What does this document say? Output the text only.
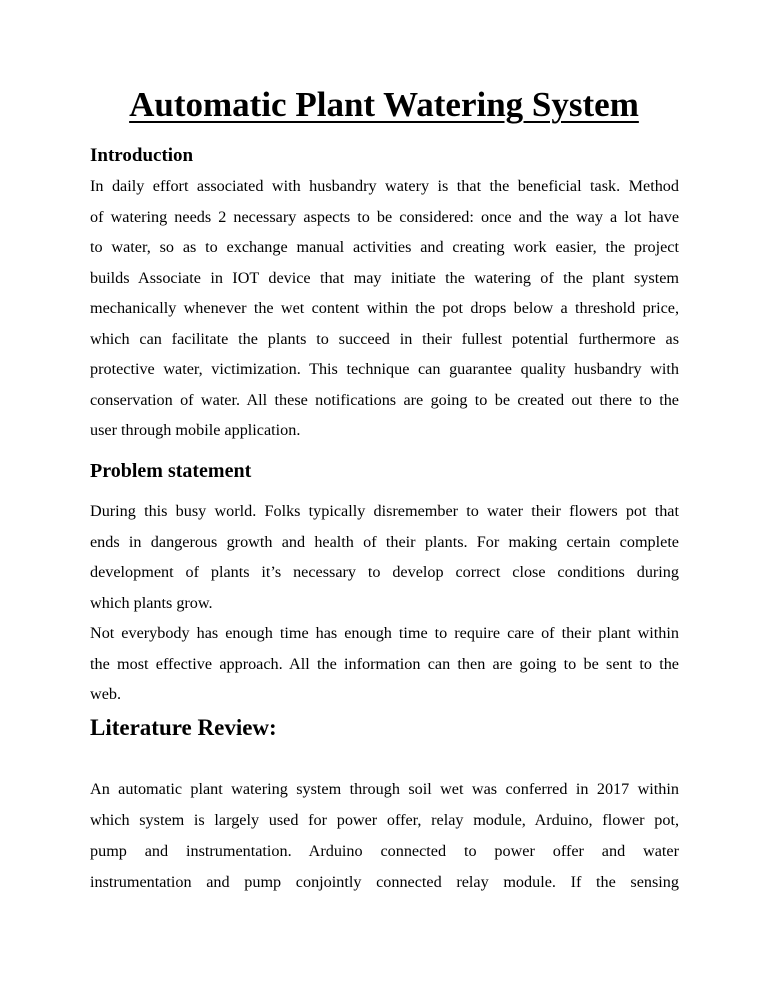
Automatic Plant Watering System
Introduction
In daily effort associated with husbandry watery is that the beneficial task. Method
of watering needs 2 necessary aspects to be considered: once and the way a lot have
to water, so as to exchange manual activities and creating work easier, the project
builds Associate in IOT device that may initiate the watering of the plant system
mechanically whenever the wet content within the pot drops below a threshold price,
which can facilitate the plants to succeed in their fullest potential furthermore as
protective water, victimization. This technique can guarantee quality husbandry with
conservation of water. All these notifications are going to be created out there to the
user through mobile application.
Problem statement
During this busy world. Folks typically disremember to water their flowers pot that
ends in dangerous growth and health of their plants. For making certain complete
development of plants it’s necessary to develop correct close conditions during
which plants grow.
Not everybody has enough time has enough time to require care of their plant within
the most effective approach. All the information can then are going to be sent to the
web.
Literature Review:
An automatic plant watering system through soil wet was conferred in 2017 within
which system is largely used for power offer, relay module, Arduino, flower pot,
pump and instrumentation. Arduino connected to power offer and water
instrumentation and pump conjointly connected relay module. If the sensing
